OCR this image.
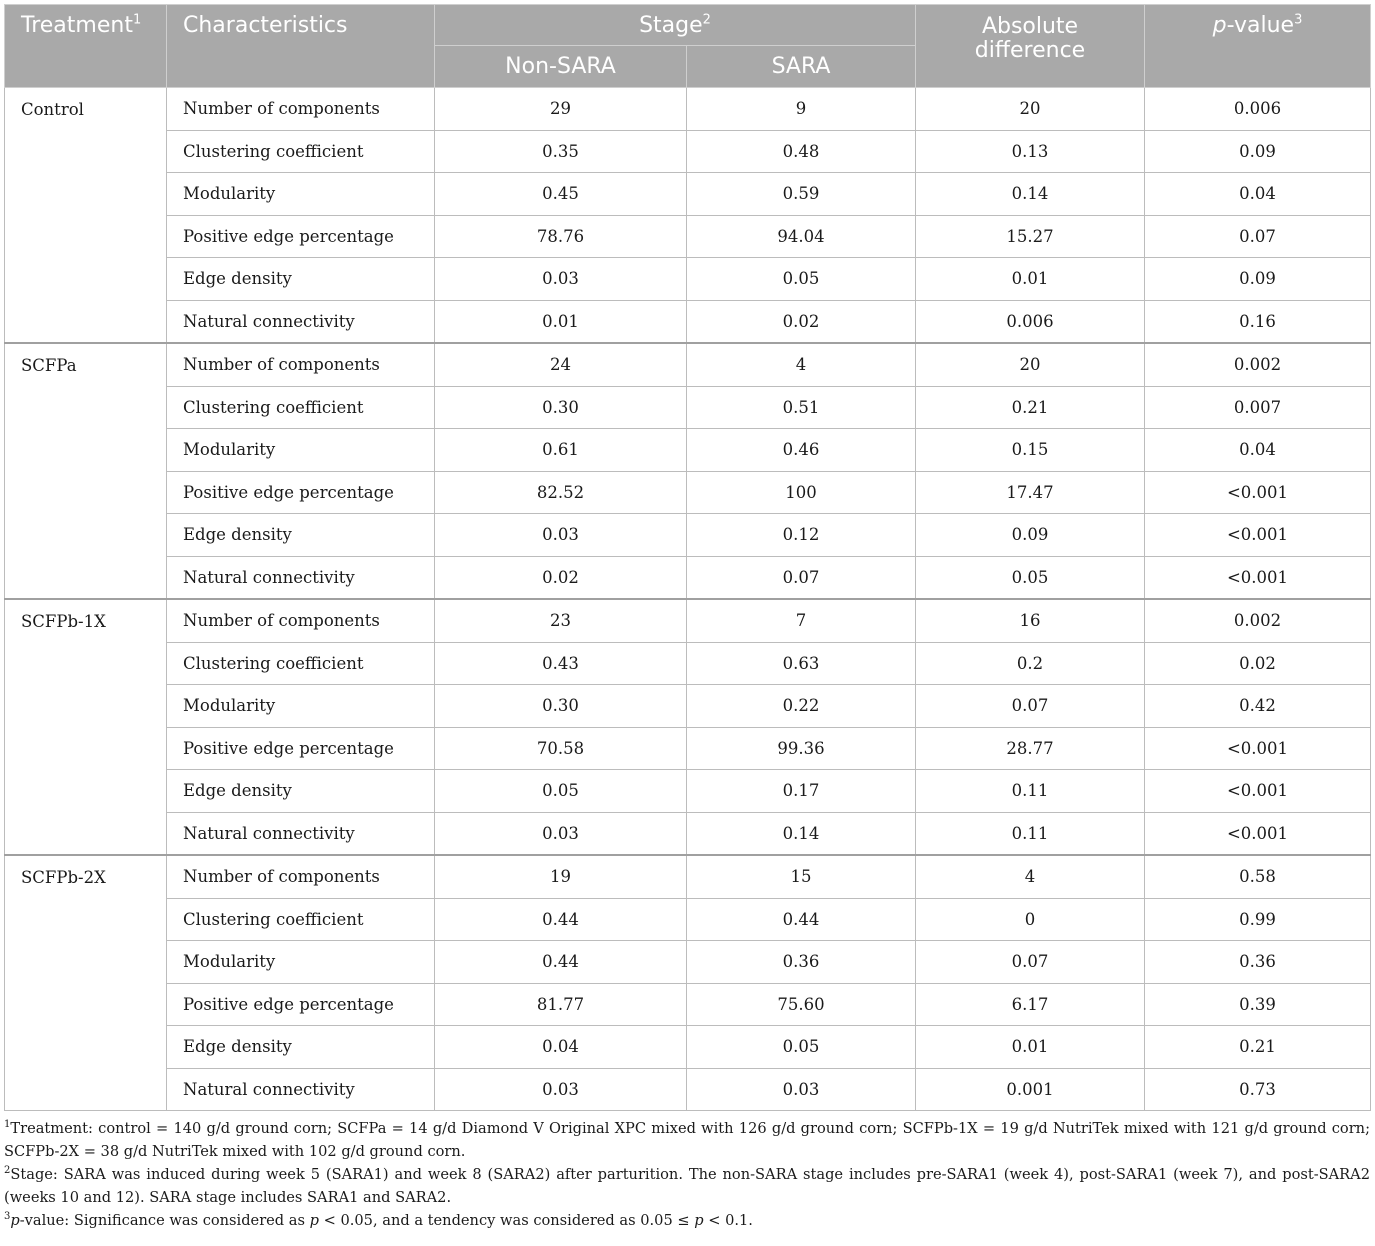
Treatment$^1$	Characteristics	Stage$^2$		Absolute
difference	p-value$^3$
		Non-SARA	SARA		
Control	Number of components	29	9	20	0.006
	Clustering coefficient	0.35	0.48	0.13	0.09
	Modularity	0.45	0.59	0.14	0.04
	Positive edge percentage	78.76	94.04	15.27	0.07
	Edge density	0.03	0.05	0.01	0.09
	Natural connectivity	0.01	0.02	0.006	0.16
SCFPa	Number of components	24	4	20	0.002
	Clustering coefficient	0.30	0.51	0.21	0.007
	Modularity	0.61	0.46	0.15	0.04
	Positive edge percentage	82.52	100	17.47	<0.001
	Edge density	0.03	0.12	0.09	<0.001
	Natural connectivity	0.02	0.07	0.05	<0.001
SCFPb-1X	Number of components	23	7	16	0.002
	Clustering coefficient	0.43	0.63	0.2	0.02
	Modularity	0.30	0.22	0.07	0.42
	Positive edge percentage	70.58	99.36	28.77	<0.001
	Edge density	0.05	0.17	0.11	<0.001
	Natural connectivity	0.03	0.14	0.11	<0.001
SCFPb-2X	Number of components	19	15	4	0.58
	Clustering coefficient	0.44	0.44	0	0.99
	Modularity	0.44	0.36	0.07	0.36
	Positive edge percentage	81.77	75.60	6.17	0.39
	Edge density	0.04	0.05	0.01	0.21
	Natural connectivity	0.03	0.03	0.001	0.73

$^1$Treatment: control = 140 g/d ground corn; SCFPa = 14 g/d Diamond V Original XPC mixed with 126 g/d ground corn; SCFPb-1X = 19 g/d NutriTek mixed with 121 g/d ground corn; SCFPb-2X = 38 g/d NutriTek mixed with 102 g/d ground corn.

$^2$Stage: SARA was induced during week 5 (SARA1) and week 8 (SARA2) after parturition. The non-SARA stage includes pre-SARA1 (week 4), post-SARA1 (week 7), and post-SARA2 (weeks 10 and 12). SARA stage includes SARA1 and SARA2.

$^3$p-value: Significance was considered as p < 0.05, and a tendency was considered as 0.05 ≤ p < 0.1.
